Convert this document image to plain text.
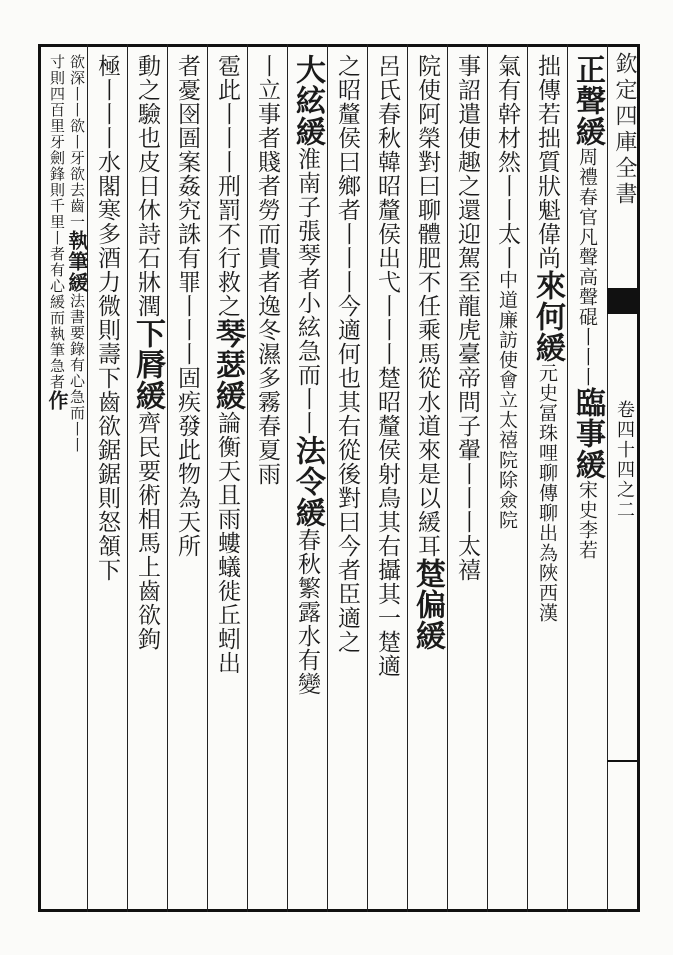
欽定四庫全書
卷四十四之二
正聲緩周禮春官凡聲高聲䃂丨丨丨臨事緩宋史李若
拙傳若拙質狀魁偉尚來何緩元史冨珠哩聊傳聊出為陜西漢
氣有幹材然丨丨太丨中道廉訪使會立太禧院除僉院
事詔遣使趣之還迎駕至龍虎臺帝問子翬丨丨丨太禧
院使阿榮對曰聊體肥不任乘馬從水道來是以緩耳䠂偏緩
呂氏春秋韓昭釐侯出弋丨丨丨䠂昭釐侯射鳥其右攝其一䠂適
之昭釐侯曰鄉者丨丨丨今適何也其右從後對曰今者臣適之
大絃緩淮南子張琴者小絃急而丨丨法令緩春秋繁露水有變
丨立事者賤者勞而貴者逸冬濕多霧春夏雨
雹此丨丨丨刑罰不行救之琴瑟緩論衡天且雨螻蟻徙丘蚓出
者憂囹圄案姦究誅有罪丨丨丨固疾發此物為天所
動之驗也皮日休詩石牀潤下脣緩齊民要術相馬上齒欲鉤
極丨丨丨水閣寒多酒力微則壽下齒欲鋸鋸則怒頷下
欲深丨丨欲丨牙欲去齒一執筆緩法書要錄有心急而丨丨
寸則四百里牙劍鋒則千里丨者有心緩而執筆急者作
